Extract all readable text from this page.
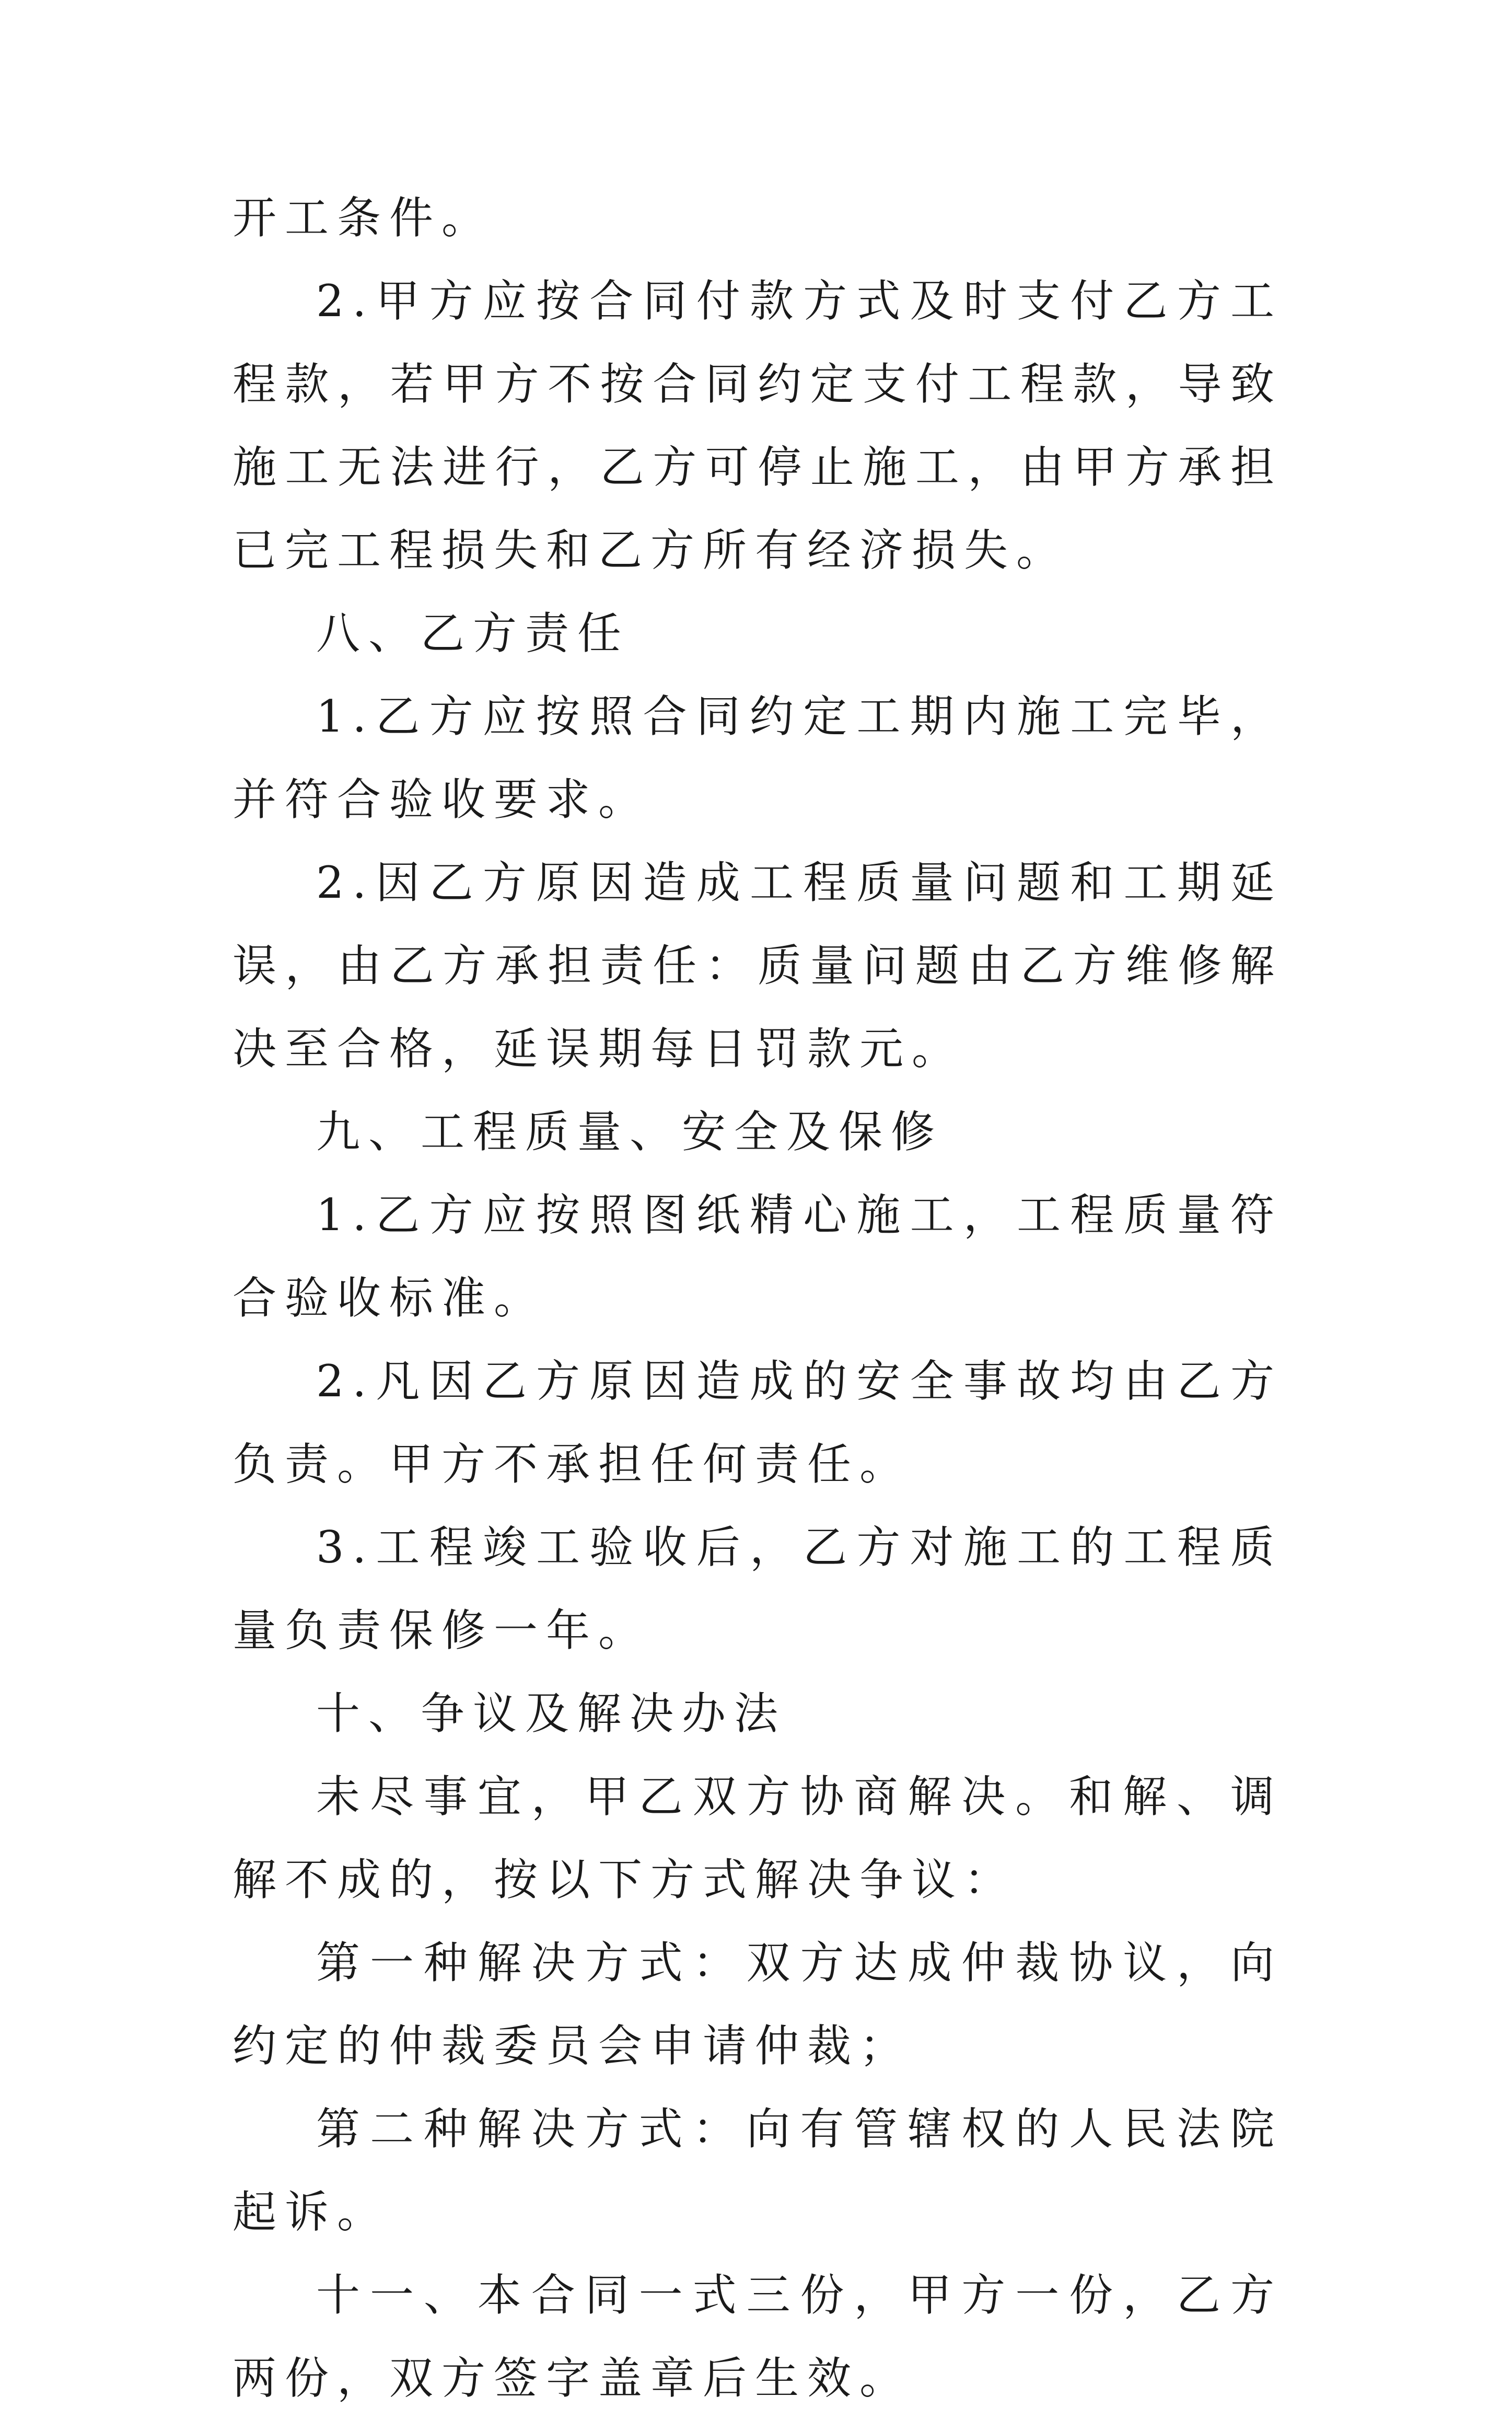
开工条件。

2.甲方应按合同付款方式及时支付乙方工程款，若甲方不按合同约定支付工程款，导致施工无法进行，乙方可停止施工，由甲方承担已完工程损失和乙方所有经济损失。

八、乙方责任

1.乙方应按照合同约定工期内施工完毕，并符合验收要求。

2.因乙方原因造成工程质量问题和工期延误，由乙方承担责任：质量问题由乙方维修解决至合格，延误期每日罚款元。

九、工程质量、安全及保修

1.乙方应按照图纸精心施工，工程质量符合验收标准。

2.凡因乙方原因造成的安全事故均由乙方负责。甲方不承担任何责任。

3.工程竣工验收后，乙方对施工的工程质量负责保修一年。

十、争议及解决办法

未尽事宜，甲乙双方协商解决。和解、调解不成的，按以下方式解决争议：

第一种解决方式：双方达成仲裁协议，向约定的仲裁委员会申请仲裁；

第二种解决方式：向有管辖权的人民法院起诉。

十一、本合同一式三份，甲方一份，乙方两份，双方签字盖章后生效。
